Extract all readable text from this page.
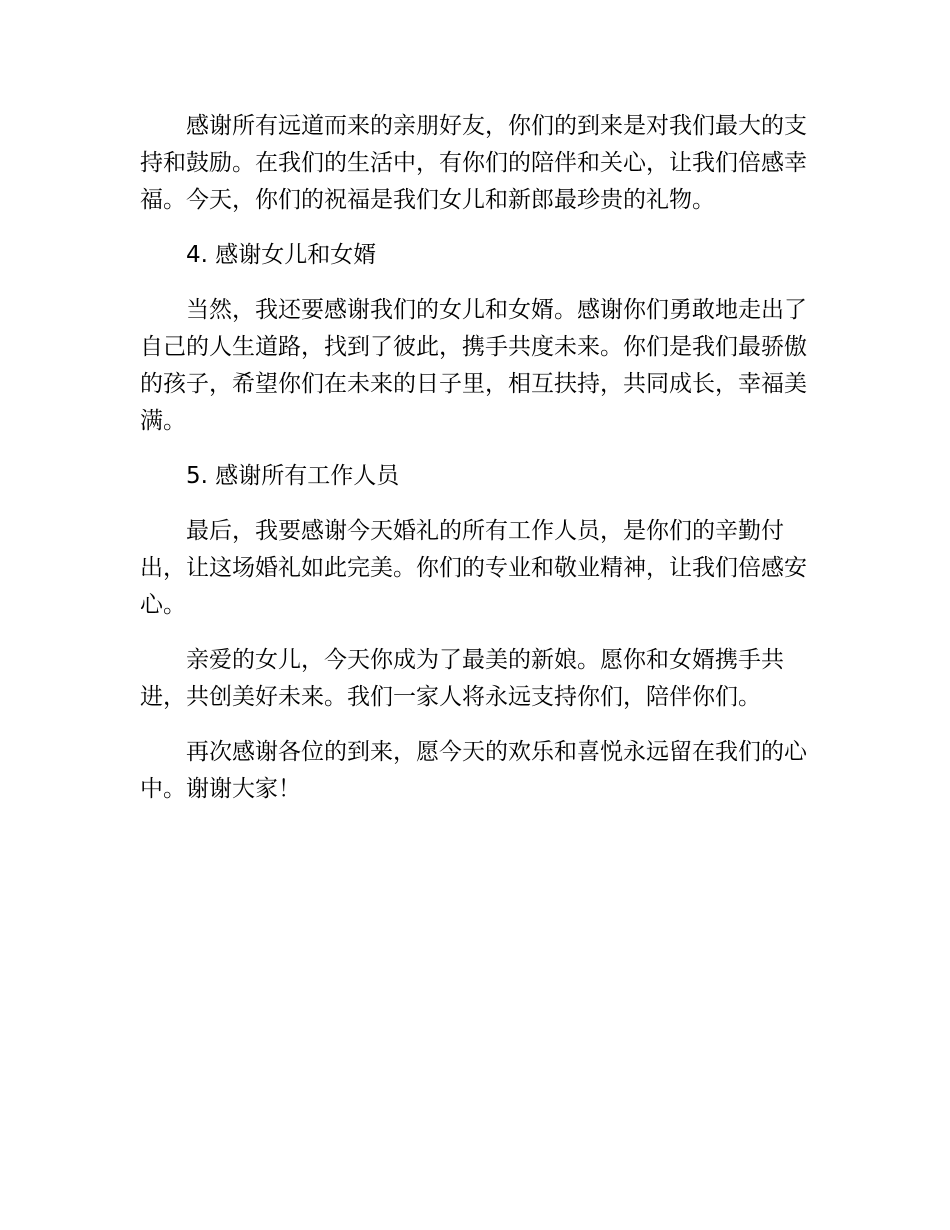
感谢所有远道而来的亲朋好友，你们的到来是对我们最大的支持和鼓励。在我们的生活中，有你们的陪伴和关心，让我们倍感幸福。今天，你们的祝福是我们女儿和新郎最珍贵的礼物。

4. 感谢女儿和女婿

当然，我还要感谢我们的女儿和女婿。感谢你们勇敢地走出了自己的人生道路，找到了彼此，携手共度未来。你们是我们最骄傲的孩子，希望你们在未来的日子里，相互扶持，共同成长，幸福美满。

5. 感谢所有工作人员

最后，我要感谢今天婚礼的所有工作人员，是你们的辛勤付出，让这场婚礼如此完美。你们的专业和敬业精神，让我们倍感安心。

亲爱的女儿，今天你成为了最美的新娘。愿你和女婿携手共进，共创美好未来。我们一家人将永远支持你们，陪伴你们。

再次感谢各位的到来，愿今天的欢乐和喜悦永远留在我们的心中。谢谢大家！
